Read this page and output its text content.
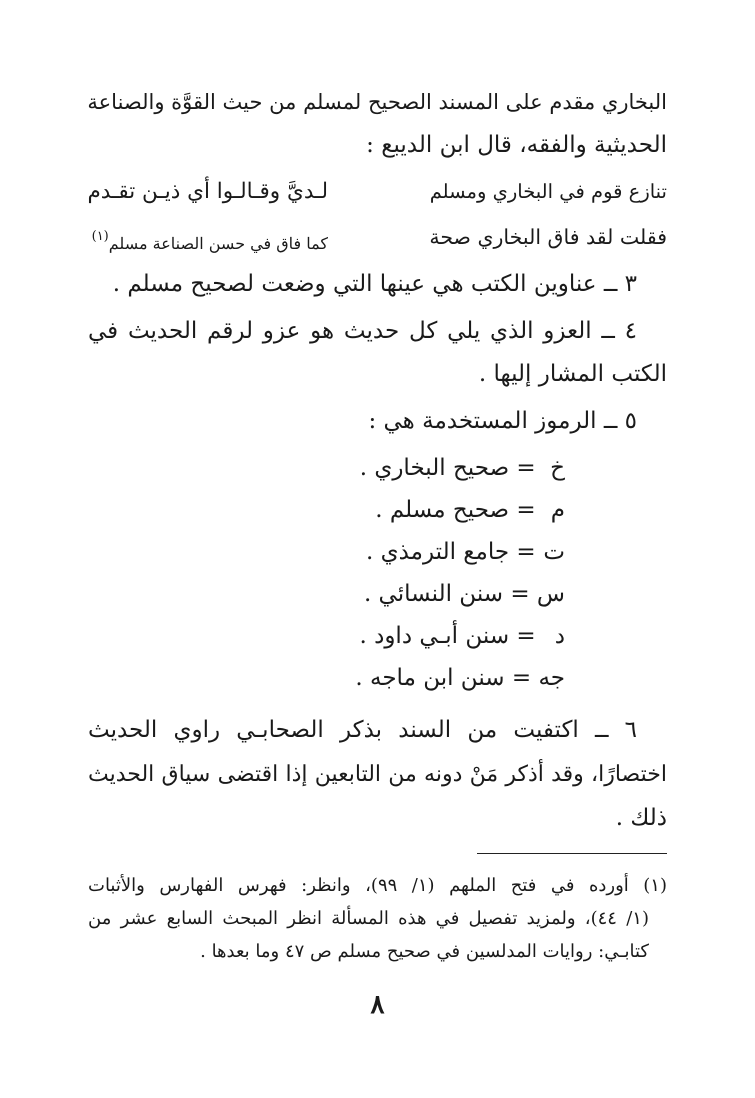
البخاري مقدم على المسند الصحيح لمسلم من حيث القوَّة والصناعة
الحديثية والفقه، قال ابن الديبع :
تنازع قوم في البخاري ومسلم
لـديَّ وقـالـوا أي ذيـن تقـدم
فقلت لقد فاق البخاري صحة
كما فاق في حسن الصناعة مسلم$^{(١)}$
٣ ــ عناوين الكتب هي عينها التي وضعت لصحيح مسلم .
٤ ــ العزو الذي يلي كل حديث هو عزو لرقم الحديث في
الكتب المشار إليها .
٥ ــ الرموز المستخدمة هي :
خ = صحيح البخاري .
م = صحيح مسلم .
ت = جامع الترمذي .
س = سنن النسائي .
د = سنن أبـي داود .
جه = سنن ابن ماجه .
٦ ــ اكتفيت من السند بذكر الصحابـي راوي الحديث
اختصارًا، وقد أذكر مَنْ دونه من التابعين إذا اقتضى سياق الحديث
ذلك .
(١) أورده في فتح الملهم (١/ ٩٩)، وانظر: فهرس الفهارس والأثبات
(١/ ٤٤)، ولمزيد تفصيل في هذه المسألة انظر المبحث السابع عشر من
كتابـي: روايات المدلسين في صحيح مسلم ص ٤٧ وما بعدها .
٨
